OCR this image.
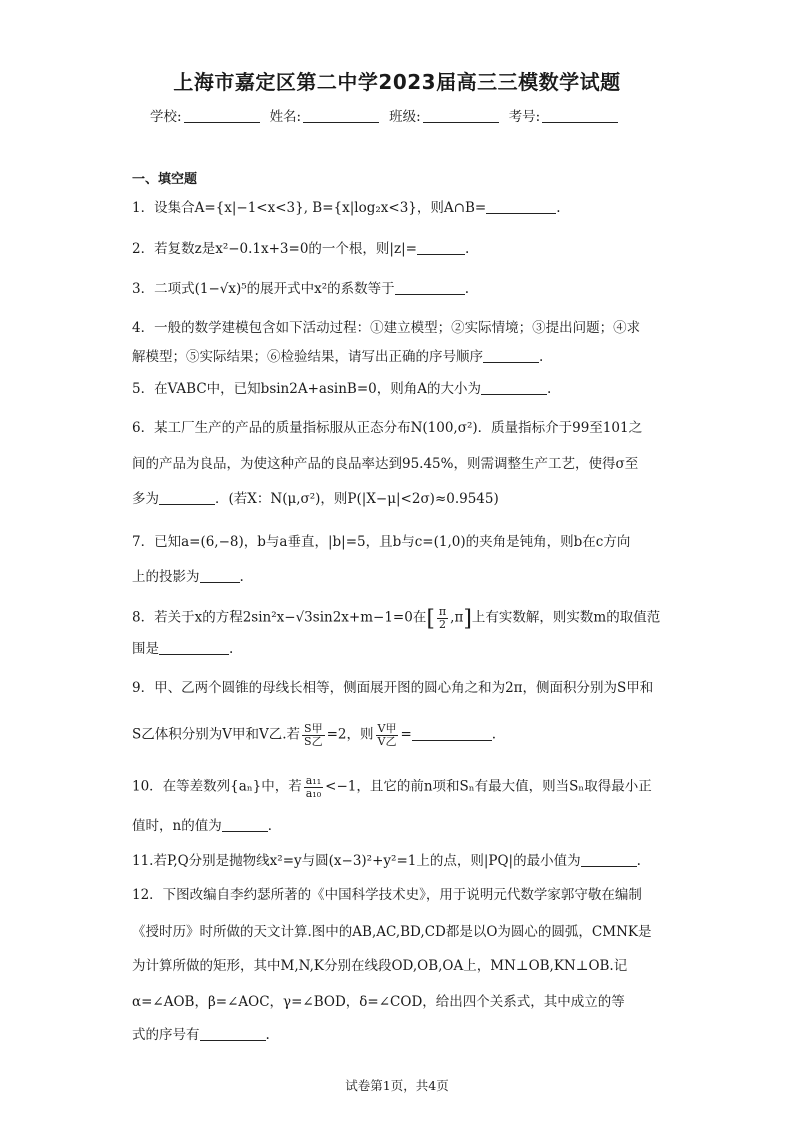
上海市嘉定区第二中学2023届高三三模数学试题
学校:	姓名:	班级:	考号:
一、填空题
1．设集合A={x|−1<x<3}, B={x|log₂x<3}，则A∩B=	.
2．若复数z是x²−0.1x+3=0的一个根，则|z|=	.
3．二项式(1−√x)⁵的展开式中x²的系数等于	.
4．一般的数学建模包含如下活动过程：①建立模型；②实际情境；③提出问题；④求
解模型；⑤实际结果；⑥检验结果，请写出正确的序号顺序	.
5．在VABC中，已知bsin2A+asinB=0，则角A的大小为	.
6．某工厂生产的产品的质量指标服从正态分布N(100,σ²)．质量指标介于99至101之
间的产品为良品，为使这种产品的良品率达到95.45%，则需调整生产工艺，使得σ至
多为	．(若X：N(μ,σ²)，则P(|X−μ|<2σ)≈0.9545)
7．已知a=(6,−8)，b与a垂直，|b|=5，且b与c=(1,0)的夹角是钝角，则b在c方向
上的投影为	.
8．若关于x的方程2sin²x−√3sin2x+m−1=0在[ $\frac{\pi}{2} ,\pi$]上有实数解，则实数m的取值范
围是	.
9．甲、乙两个圆锥的母线长相等，侧面展开图的圆心角之和为2π，侧面积分别为S甲和
S乙体积分别为V甲和V乙.若 $\frac{\text{S甲}}{\text{S乙}} =2$，则 $\frac{\text{V甲}}{\text{V乙}}$ =	.
10．在等差数列{aₙ}中，若 $\frac{\text{a₁₁}}{\text{a₁₀}} <-1$，且它的前n项和Sₙ有最大值，则当Sₙ取得最小正
值时，n的值为	．
11.若P,Q分别是抛物线x²=y与圆(x−3)²+y²=1上的点，则|PQ|的最小值为	.
12．下图改编自李约瑟所著的《中国科学技术史》，用于说明元代数学家郭守敬在编制
《授时历》时所做的天文计算.图中的AB,AC,BD,CD都是以O为圆心的圆弧，CMNK是
为计算所做的矩形，其中M,N,K分别在线段OD,OB,OA上，MN⊥OB,KN⊥OB.记
α=∠AOB，β=∠AOC，γ=∠BOD，δ=∠COD，给出四个关系式，其中成立的等
式的序号有	.
试卷第1页，共4页
